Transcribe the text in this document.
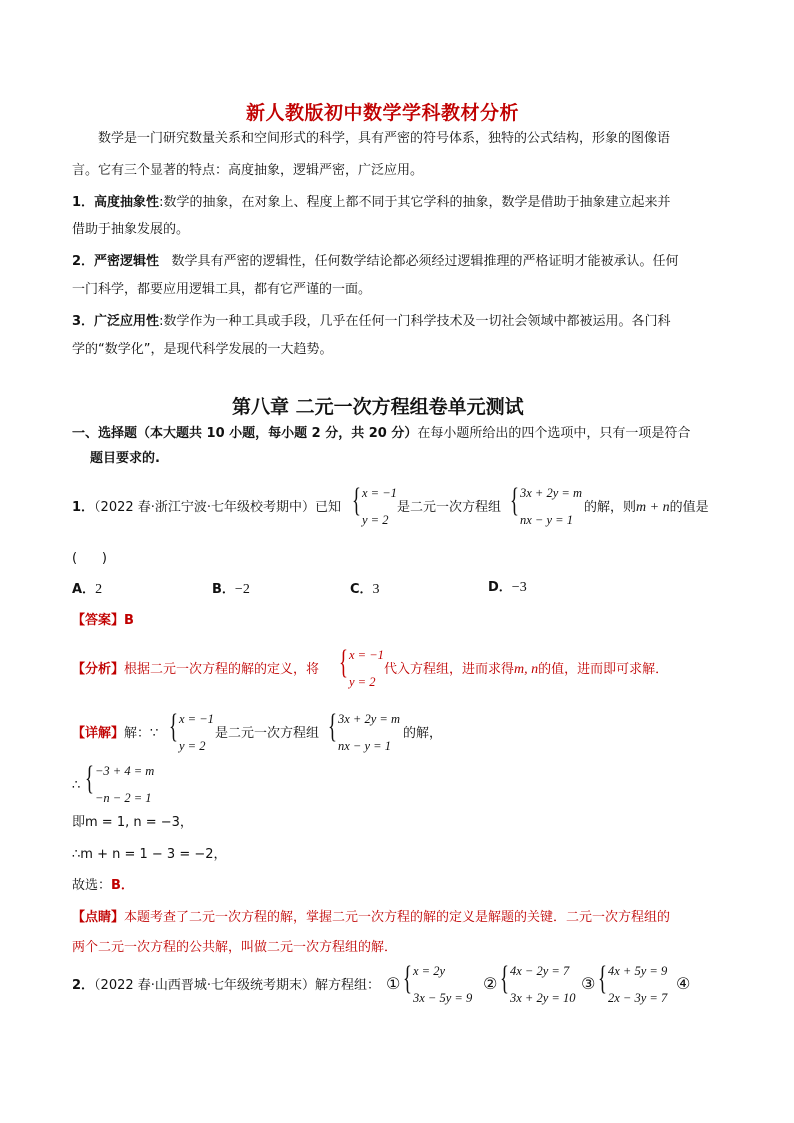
新人教版初中数学学科教材分析
数学是一门研究数量关系和空间形式的科学，具有严密的符号体系，独特的公式结构，形象的图像语
言。它有三个显著的特点：高度抽象，逻辑严密，广泛应用。
1．高度抽象性:数学的抽象，在对象上、程度上都不同于其它学科的抽象，数学是借助于抽象建立起来并
借助于抽象发展的。
2．严密逻辑性   数学具有严密的逻辑性，任何数学结论都必须经过逻辑推理的严格证明才能被承认。任何
一门科学，都要应用逻辑工具，都有它严谨的一面。
3．广泛应用性:数学作为一种工具或手段，几乎在任何一门科学技术及一切社会领域中都被运用。各门科
学的“数学化”，是现代科学发展的一大趋势。
第八章 二元一次方程组卷单元测试
一、选择题（本大题共 10 小题，每小题 2 分，共 20 分）在每小题所给出的四个选项中，只有一项是符合
题目要求的.
1．（2022 春·浙江宁波·七年级校考期中）已知 { x = −1
y = 2
是二元一次方程组 { 3x + 2y = m
nx − y = 1
的解，则m + n的值是
(      )
A．2	B．−2	C．3	D．−3
【答案】B
【分析】根据二元一次方程的解的定义，将 { x = −1
y = 2
代入方程组，进而求得m, n的值，进而即可求解．
【详解】解：∵ { x = −1
y = 2
是二元一次方程组 { 3x + 2y = m
nx − y = 1
的解，
∴ { −3 + 4 = m
−n − 2 = 1
即m = 1, n = −3，
∴m + n = 1 − 3 = −2，
故选：B．
【点睛】本题考查了二元一次方程的解，掌握二元一次方程的解的定义是解题的关键．二元一次方程组的
两个二元一次方程的公共解，叫做二元一次方程组的解．
2．（2022 春·山西晋城·七年级统考期末）解方程组： ① { x = 2y
3x − 5y = 9
② { 4x − 2y = 7
3x + 2y = 10
③ { 4x + 5y = 9
2x − 3y = 7
④
